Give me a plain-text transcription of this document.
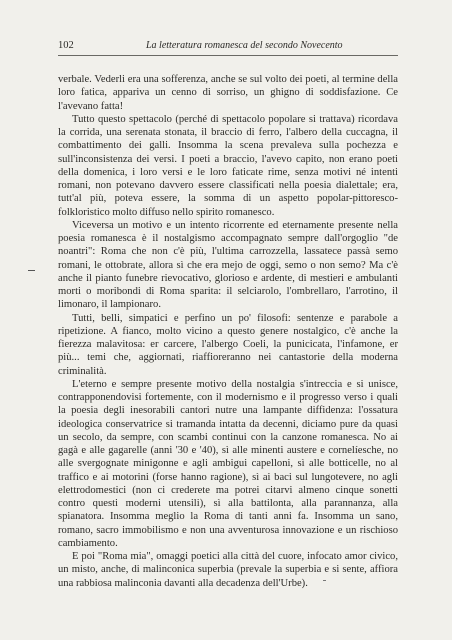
102	La letteratura romanesca del secondo Novecento

verbale. Vederli era una sofferenza, anche se sul volto dei poeti, al termine della loro fatica, appariva un cenno di sorriso, un ghigno di soddisfazione. Ce l'avevano fatta!

Tutto questo spettacolo (perché di spettacolo popolare si trattava) ricordava la corrida, una serenata stonata, il braccio di ferro, l'albero della cuccagna, il combattimento dei galli. Insomma la scena prevaleva sulla pochezza e sull'inconsistenza dei versi. I poeti a braccio, l'avevo capito, non erano poeti della domenica, i loro versi e le loro faticate rime, senza motivi né intenti romani, non potevano davvero essere classificati nella poesia dialettale; era, tutt'al più, poteva essere, la somma di un aspetto popolar-pittoresco-folkloristico molto diffuso nello spirito romanesco.

Viceversa un motivo e un intento ricorrente ed eternamente presente nella poesia romanesca è il nostalgismo accompagnato sempre dall'orgoglio "de noantri": Roma che non c'è più, l'ultima carrozzella, lassatece passà semo romani, le ottobrate, allora sì che era mejo de oggi, semo o non semo? Ma c'è anche il pianto funebre rievocativo, glorioso e ardente, di mestieri e ambulanti morti o moribondi di Roma sparita: il selciarolo, l'ombrellaro, l'arrotino, il limonaro, il lampionaro.

Tutti, belli, simpatici e perfino un po' filosofi: sentenze e parabole a ripetizione. A fianco, molto vicino a questo genere nostalgico, c'è anche la fierezza malavitosa: er carcere, l'albergo Coeli, la punicicata, l'infamone, er più... temi che, aggiornati, riaffioreranno nei cantastorie della moderna criminalità.

L'eterno e sempre presente motivo della nostalgia s'intreccia e si unisce, contrapponendovisi fortemente, con il modernismo e il progresso verso i quali la poesia degli inesorabili cantori nutre una lampante diffidenza: l'ossatura ideologica conservatrice si tramanda intatta da decenni, diciamo pure da quasi un secolo, da sempre, con scambi continui con la canzone romanesca. No ai gagà e alle gagarelle (anni '30 e '40), sì alle minenti austere e cornelíesche, no alle svergognate minigonne e agli ambigui capelloni, sì alle botticelle, no al traffico e ai motorini (forse hanno ragione), sì ai baci sul lungotevere, no agli elettrodomestici (non ci crederete ma potrei citarvi almeno cinque sonetti contro questi moderni utensili), sì alla battilonta, alla parannanza, alla spianatora. Insomma meglio la Roma di tanti anni fa. Insomma un sano, romano, sacro immobilismo e non una avventurosa innovazione e un rischioso cambiamento.

E poi "Roma mia", omaggi poetici alla città del cuore, infocato amor civico, un misto, anche, di malinconica superbia (prevale la superbia e si sente, affiora una rabbiosa malinconia davanti alla decadenza dell'Urbe).
